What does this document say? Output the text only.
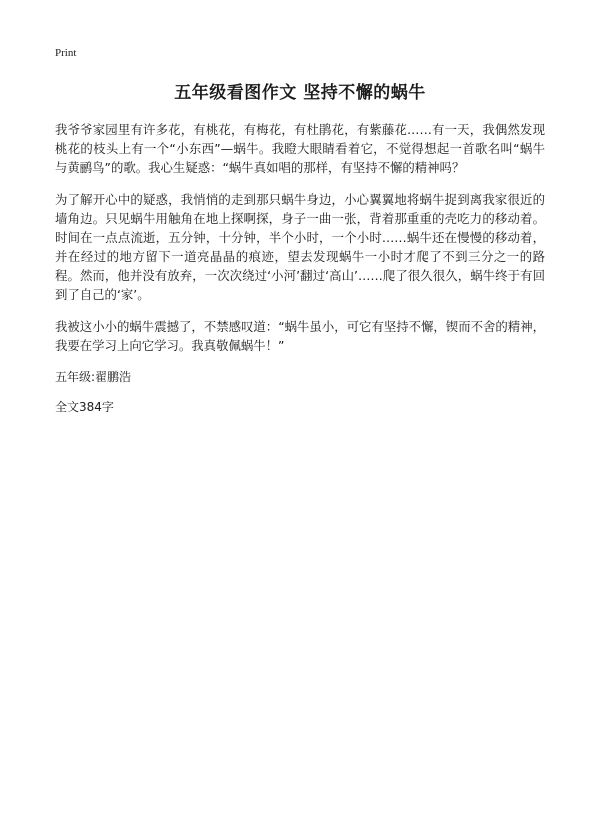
Print
五年级看图作文 坚持不懈的蜗牛

我爷爷家园里有许多花，有桃花，有梅花，有杜鹃花，有紫藤花……有一天，我偶然发现桃花的枝头上有一个“小东西”—蜗牛。我瞪大眼睛看着它，不觉得想起一首歌名叫“蜗牛与黄鹂鸟”的歌。我心生疑惑：“蜗牛真如唱的那样，有坚持不懈的精神吗？

为了解开心中的疑惑，我悄悄的走到那只蜗牛身边，小心翼翼地将蜗牛捉到离我家很近的墙角边。只见蜗牛用触角在地上探啊探，身子一曲一张，背着那重重的壳吃力的移动着。时间在一点点流逝，五分钟，十分钟，半个小时，一个小时……蜗牛还在慢慢的移动着，并在经过的地方留下一道亮晶晶的痕迹，望去发现蜗牛一小时才爬了不到三分之一的路程。然而，他并没有放弃，一次次绕过‘小河’翻过‘高山’……爬了很久很久，蜗牛终于有回到了自己的‘家’。

我被这小小的蜗牛震撼了，不禁感叹道：“蜗牛虽小，可它有坚持不懈，锲而不舍的精神，我要在学习上向它学习。我真敬佩蜗牛！”

五年级:翟鹏浩

全文384字
